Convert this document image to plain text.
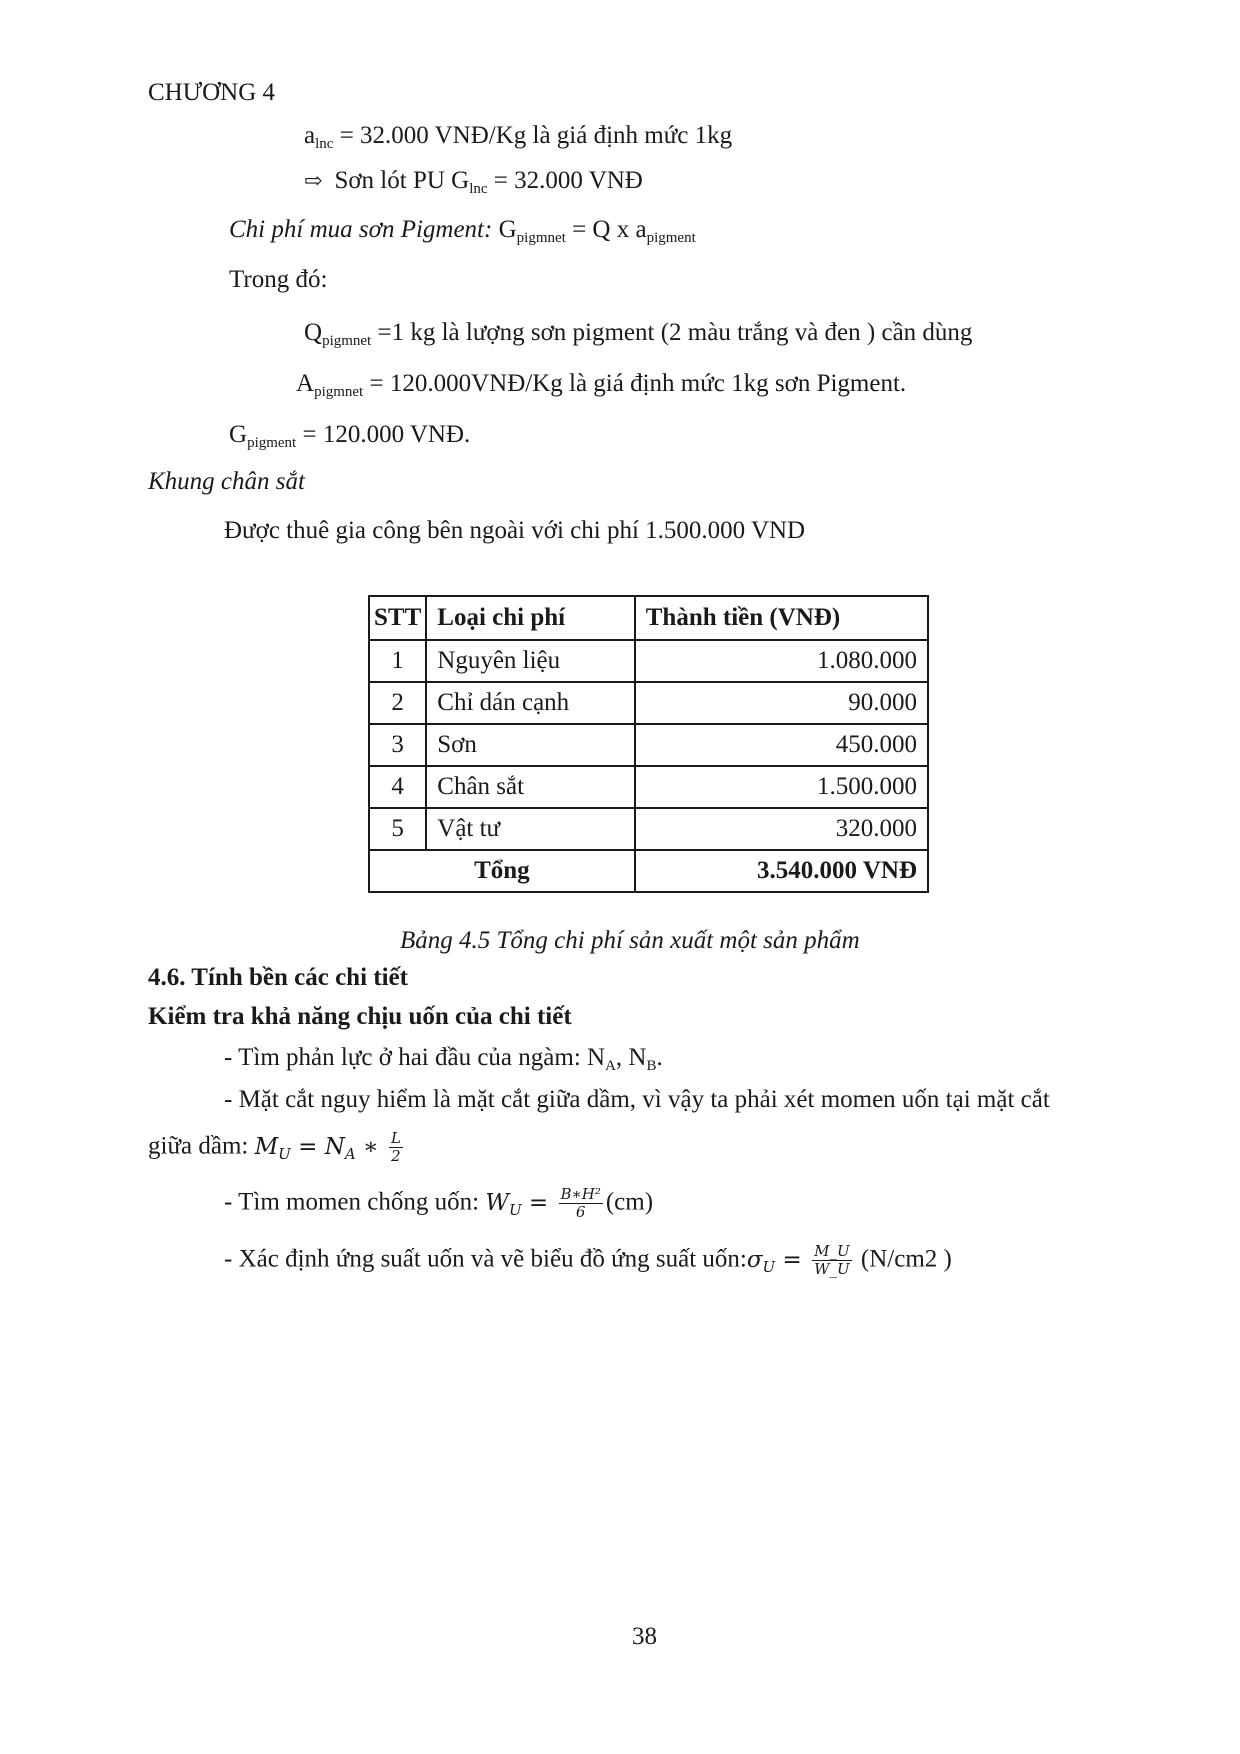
CHƯƠNG 4
$a_{lnc} = 32.000$ VNĐ/Kg là giá định mức 1kg
⇨ Sơn lót PU $G_{lnc} = 32.000$ VNĐ
Chi phí mua sơn Pigment: $G_{pigmnet} = Q$ x $a_{pigment}$
Trong đó:
$Q_{pigmnet} =1$ kg là lượng sơn pigment (2 màu trắng và đen ) cần dùng
$A_{pigmnet}$ = 120.000VNĐ/Kg là giá định mức 1kg sơn Pigment.
$G_{pigment} = 120.000$ VNĐ.
Khung chân sắt
Được thuê gia công bên ngoài với chi phí 1.500.000 VND
STT	Loại chi phí	Thành tiền (VNĐ)
1	Nguyên liệu	1.080.000
2	Chỉ dán cạnh	90.000
3	Sơn	450.000
4	Chân sắt	1.500.000
5	Vật tư	320.000
Tổng		3.540.000 VNĐ
Bảng 4.5 Tổng chi phí sản xuất một sản phẩm
4.6. Tính bền các chi tiết
Kiểm tra khả năng chịu uốn của chi tiết
- Tìm phản lực ở hai đầu của ngàm: $N_A$, $N_B$.
- Mặt cắt nguy hiểm là mặt cắt giữa dầm, vì vậy ta phải xét momen uốn tại mặt cắt
giữa dầm: $M_U = N_A$ ∗ $\frac{L}{2}$
- Tìm momen chống uốn: $W_U = \frac{\text{B∗H²}}{6} (cm)$
- Xác định ứng suất uốn và vẽ biểu đồ ứng suất $uốn:\sigma_U = \frac{M\_U}{W\_U} (N/cm2$ )
38
